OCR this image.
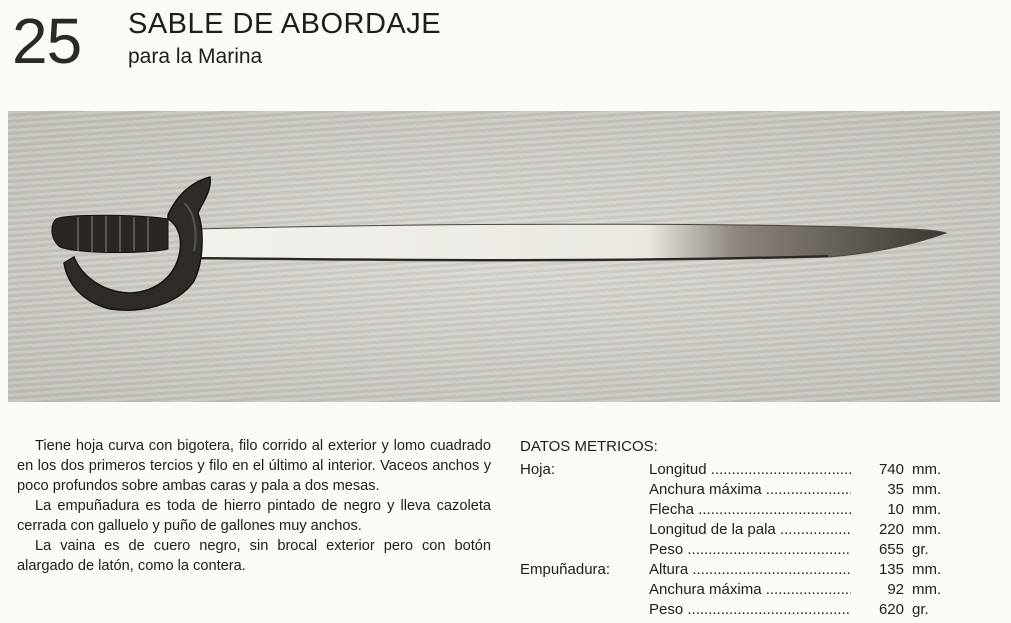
25 SABLE DE ABORDAJE
para la Marina

Tiene hoja curva con bigotera, filo corrido al exterior y lomo cuadrado en los dos primeros tercios y filo en el último al interior. Vaceos anchos y poco profundos sobre ambas caras y pala a dos mesas.

La empuñadura es toda de hierro pintado de negro y lleva cazoleta cerrada con galluelo y puño de gallones muy anchos.

La vaina es de cuero negro, sin brocal exterior pero con botón alargado de latón, como la contera.

DATOS METRICOS:
Hoja:	Longitud .....	740 mm.
Anchura máxima .....	35 mm.
Flecha .....	10 mm.
Longitud de la pala .....	220 mm.
Peso .....	655 gr.
Empuñadura:	Altura .....	135 mm.
Anchura máxima .....	92 mm.
Peso .....	620 gr.
